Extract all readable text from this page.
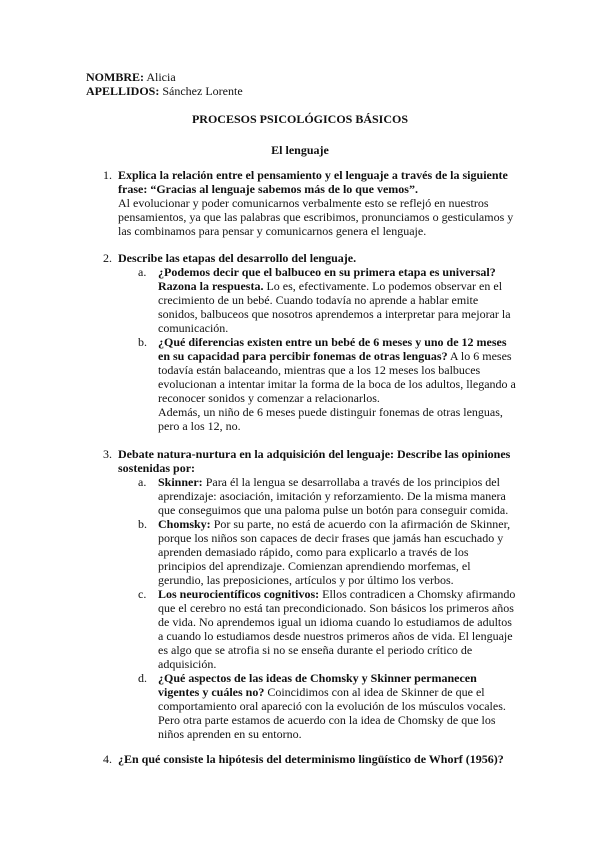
NOMBRE: Alicia
APELLIDOS: Sánchez Lorente
PROCESOS PSICOLÓGICOS BÁSICOS
El lenguaje
1. Explica la relación entre el pensamiento y el lenguaje a través de la siguiente frase: “Gracias al lenguaje sabemos más de lo que vemos”.

Al evolucionar y poder comunicarnos verbalmente esto se reflejó en nuestros pensamientos, ya que las palabras que escribimos, pronunciamos o gesticulamos y las combinamos para pensar y comunicarnos genera el lenguaje.

2. Describe las etapas del desarrollo del lenguaje.

a. ¿Podemos decir que el balbuceo en su primera etapa es universal? Razona la respuesta. Lo es, efectivamente. Lo podemos observar en el crecimiento de un bebé. Cuando todavía no aprende a hablar emite sonidos, balbuceos que nosotros aprendemos a interpretar para mejorar la comunicación.

b. ¿Qué diferencias existen entre un bebé de 6 meses y uno de 12 meses en su capacidad para percibir fonemas de otras lenguas? A lo 6 meses todavía están balaceando, mientras que a los 12 meses los balbuces evolucionan a intentar imitar la forma de la boca de los adultos, llegando a reconocer sonidos y comenzar a relacionarlos.

Además, un niño de 6 meses puede distinguir fonemas de otras lenguas, pero a los 12, no.

3. Debate natura-nurtura en la adquisición del lenguaje: Describe las opiniones sostenidas por:

a. Skinner: Para él la lengua se desarrollaba a través de los principios del aprendizaje: asociación, imitación y reforzamiento. De la misma manera que conseguimos que una paloma pulse un botón para conseguir comida.

b. Chomsky: Por su parte, no está de acuerdo con la afirmación de Skinner, porque los niños son capaces de decir frases que jamás han escuchado y aprenden demasiado rápido, como para explicarlo a través de los principios del aprendizaje. Comienzan aprendiendo morfemas, el gerundio, las preposiciones, artículos y por último los verbos.

c. Los neurocientíficos cognitivos: Ellos contradicen a Chomsky afirmando que el cerebro no está tan precondicionado. Son básicos los primeros años de vida. No aprendemos igual un idioma cuando lo estudiamos de adultos a cuando lo estudiamos desde nuestros primeros años de vida. El lenguaje es algo que se atrofia si no se enseña durante el periodo crítico de adquisición.

d. ¿Qué aspectos de las ideas de Chomsky y Skinner permanecen vigentes y cuáles no? Coincidimos con al idea de Skinner de que el comportamiento oral apareció con la evolución de los músculos vocales. Pero otra parte estamos de acuerdo con la idea de Chomsky de que los niños aprenden en su entorno.

4. ¿En qué consiste la hipótesis del determinismo lingüístico de Whorf (1956)?
